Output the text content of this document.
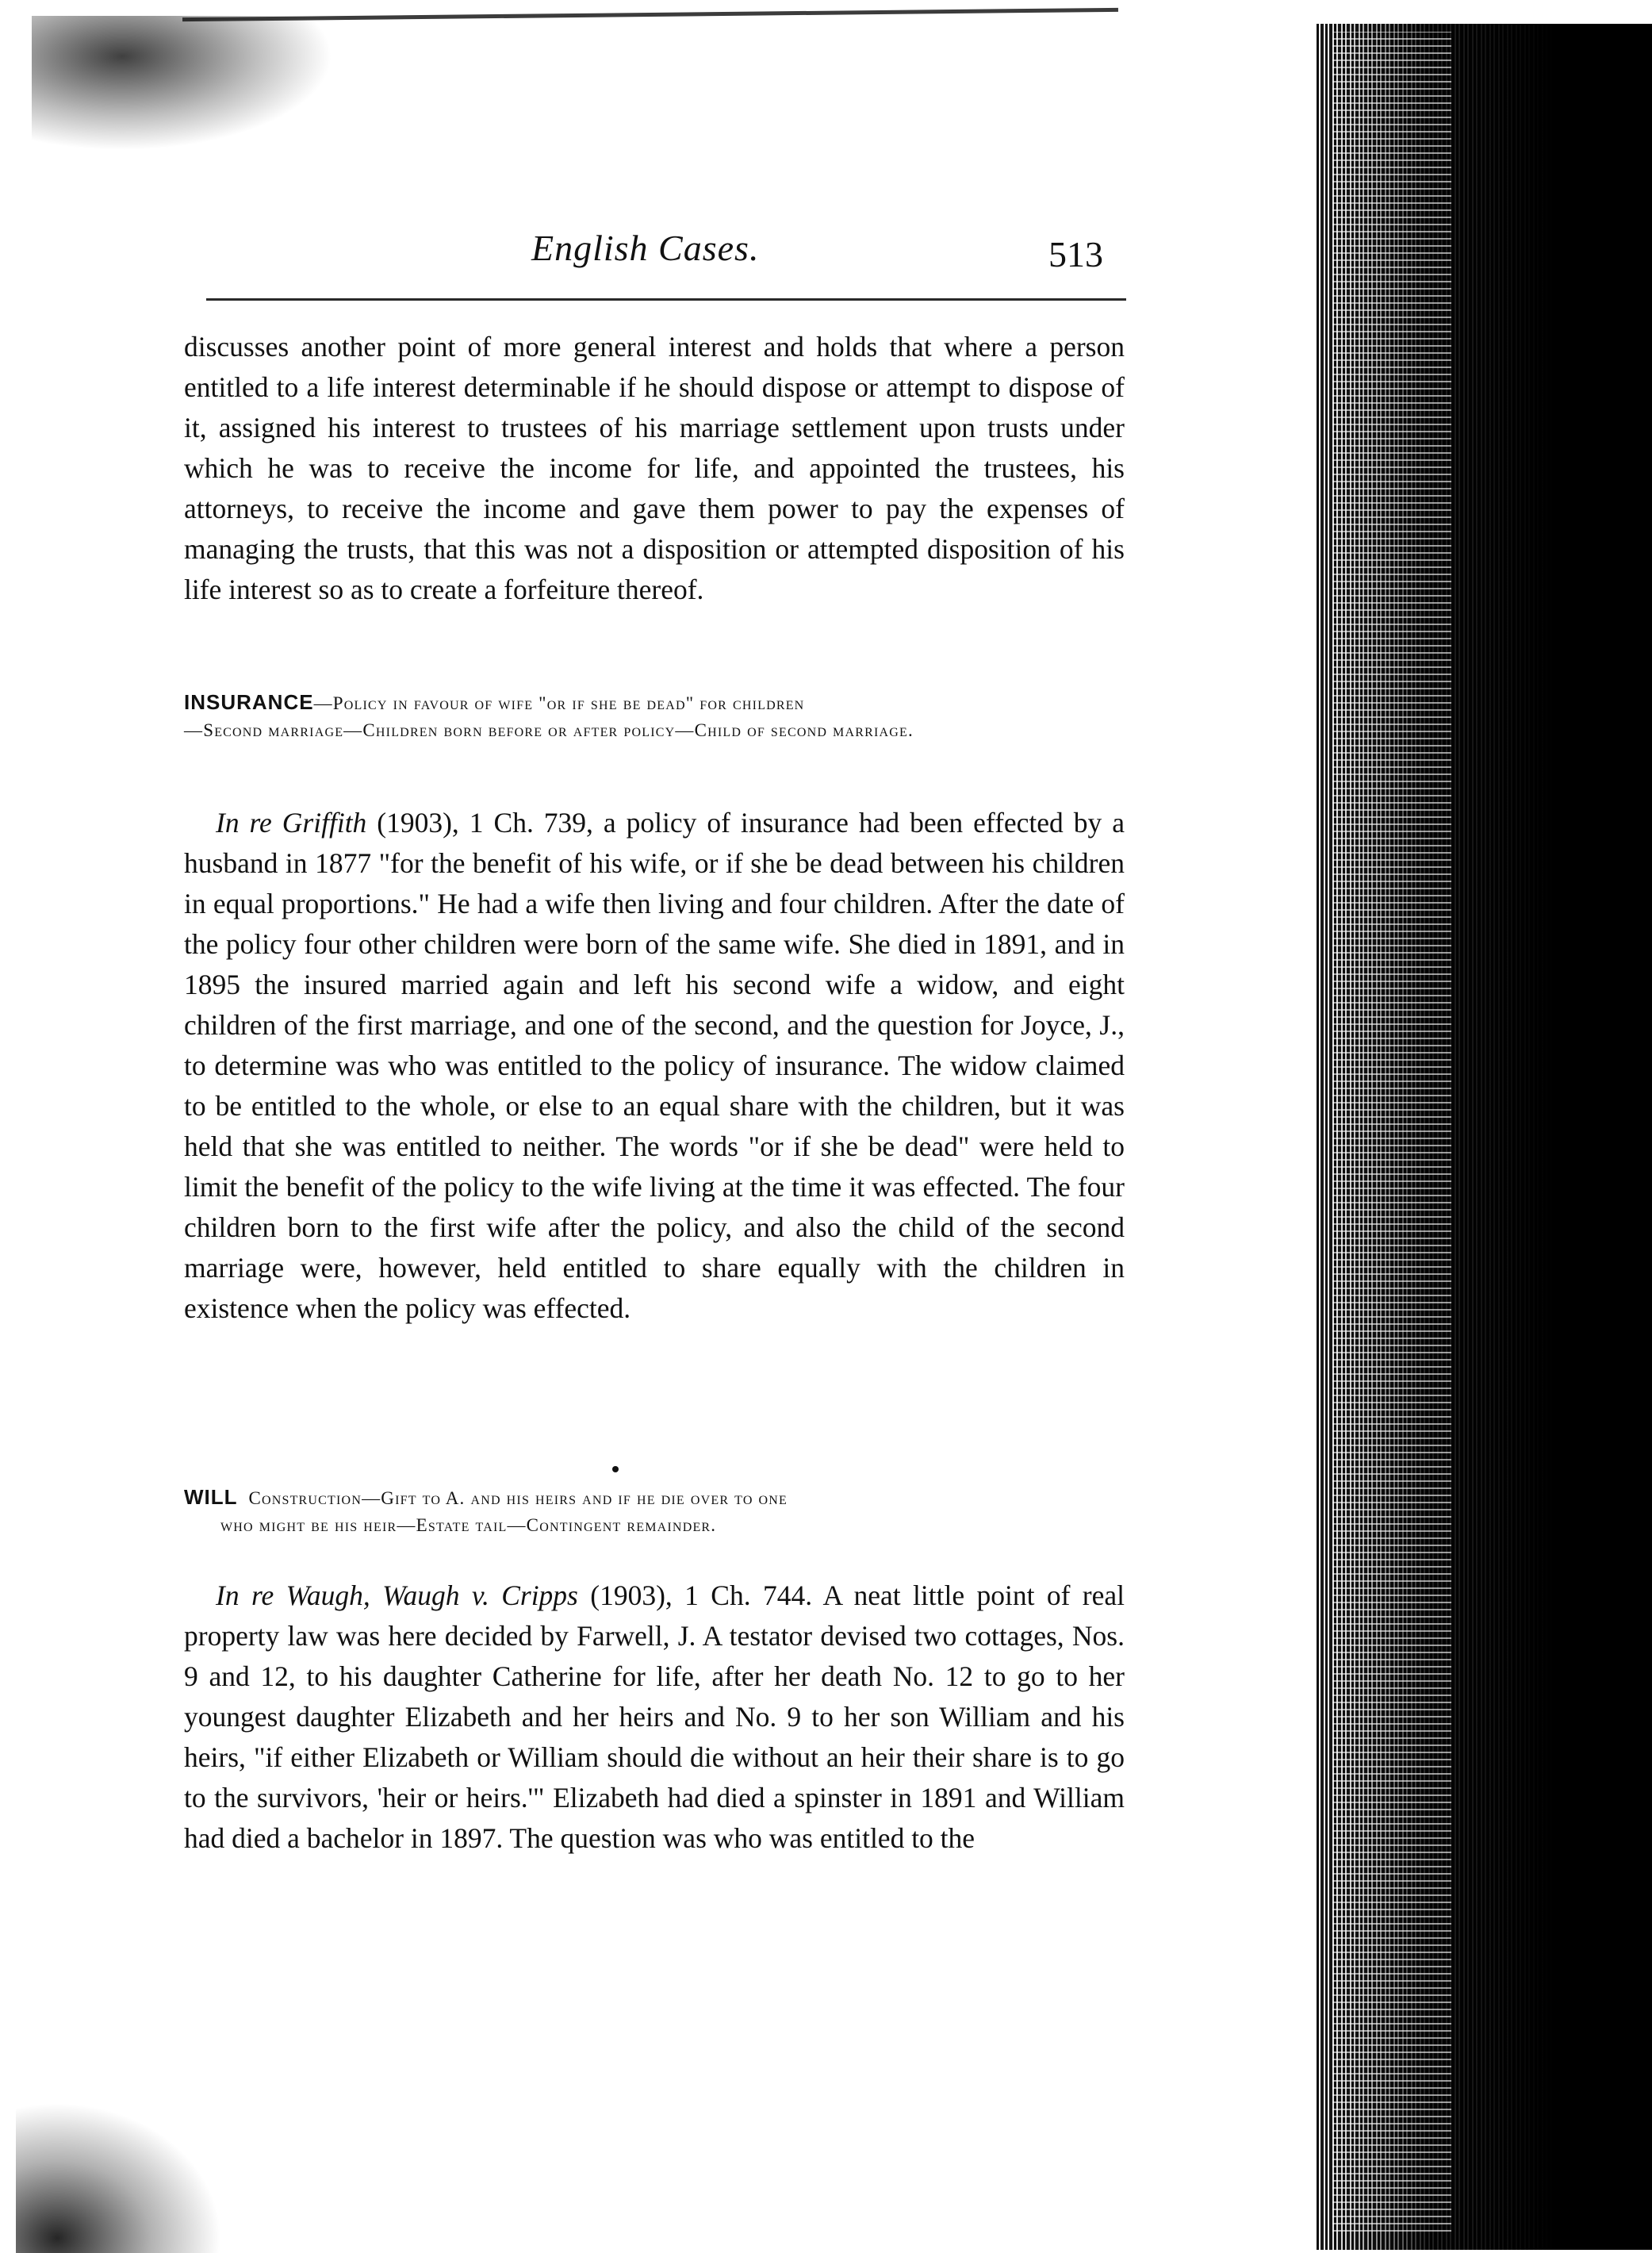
English Cases.	513

discusses another point of more general interest and holds that where a person entitled to a life interest determinable if he should dispose or attempt to dispose of it, assigned his interest to trustees of his marriage settlement upon trusts under which he was to receive the income for life, and appointed the trustees, his attorneys, to receive the income and gave them power to pay the expenses of managing the trusts, that this was not a disposition or attempted disposition of his life interest so as to create a forfeiture thereof.

INSURANCE—Policy in favour of wife "or if she be dead" for children
—Second marriage—Children born before or after policy—Child of second marriage.

In re Griffith (1903), 1 Ch. 739, a policy of insurance had been effected by a husband in 1877 "for the benefit of his wife, or if she be dead between his children in equal proportions." He had a wife then living and four children. After the date of the policy four other children were born of the same wife. She died in 1891, and in 1895 the insured married again and left his second wife a widow, and eight children of the first marriage, and one of the second, and the question for Joyce, J., to determine was who was entitled to the policy of insurance. The widow claimed to be entitled to the whole, or else to an equal share with the children, but it was held that she was entitled to neither. The words "or if she be dead" were held to limit the benefit of the policy to the wife living at the time it was effected. The four children born to the first wife after the policy, and also the child of the second marriage were, however, held entitled to share equally with the children in existence when the policy was effected.

WILL Construction—Gift to A. and his heirs and if he die over to one
who might be his heir—Estate tail—Contingent remainder.

In re Waugh, Waugh v. Cripps (1903), 1 Ch. 744. A neat little point of real property law was here decided by Farwell, J. A testator devised two cottages, Nos. 9 and 12, to his daughter Catherine for life, after her death No. 12 to go to her youngest daughter Elizabeth and her heirs and No. 9 to her son William and his heirs, "if either Elizabeth or William should die without an heir their share is to go to the survivors, 'heir or heirs.'" Elizabeth had died a spinster in 1891 and William had died a bachelor in 1897. The question was who was entitled to the
